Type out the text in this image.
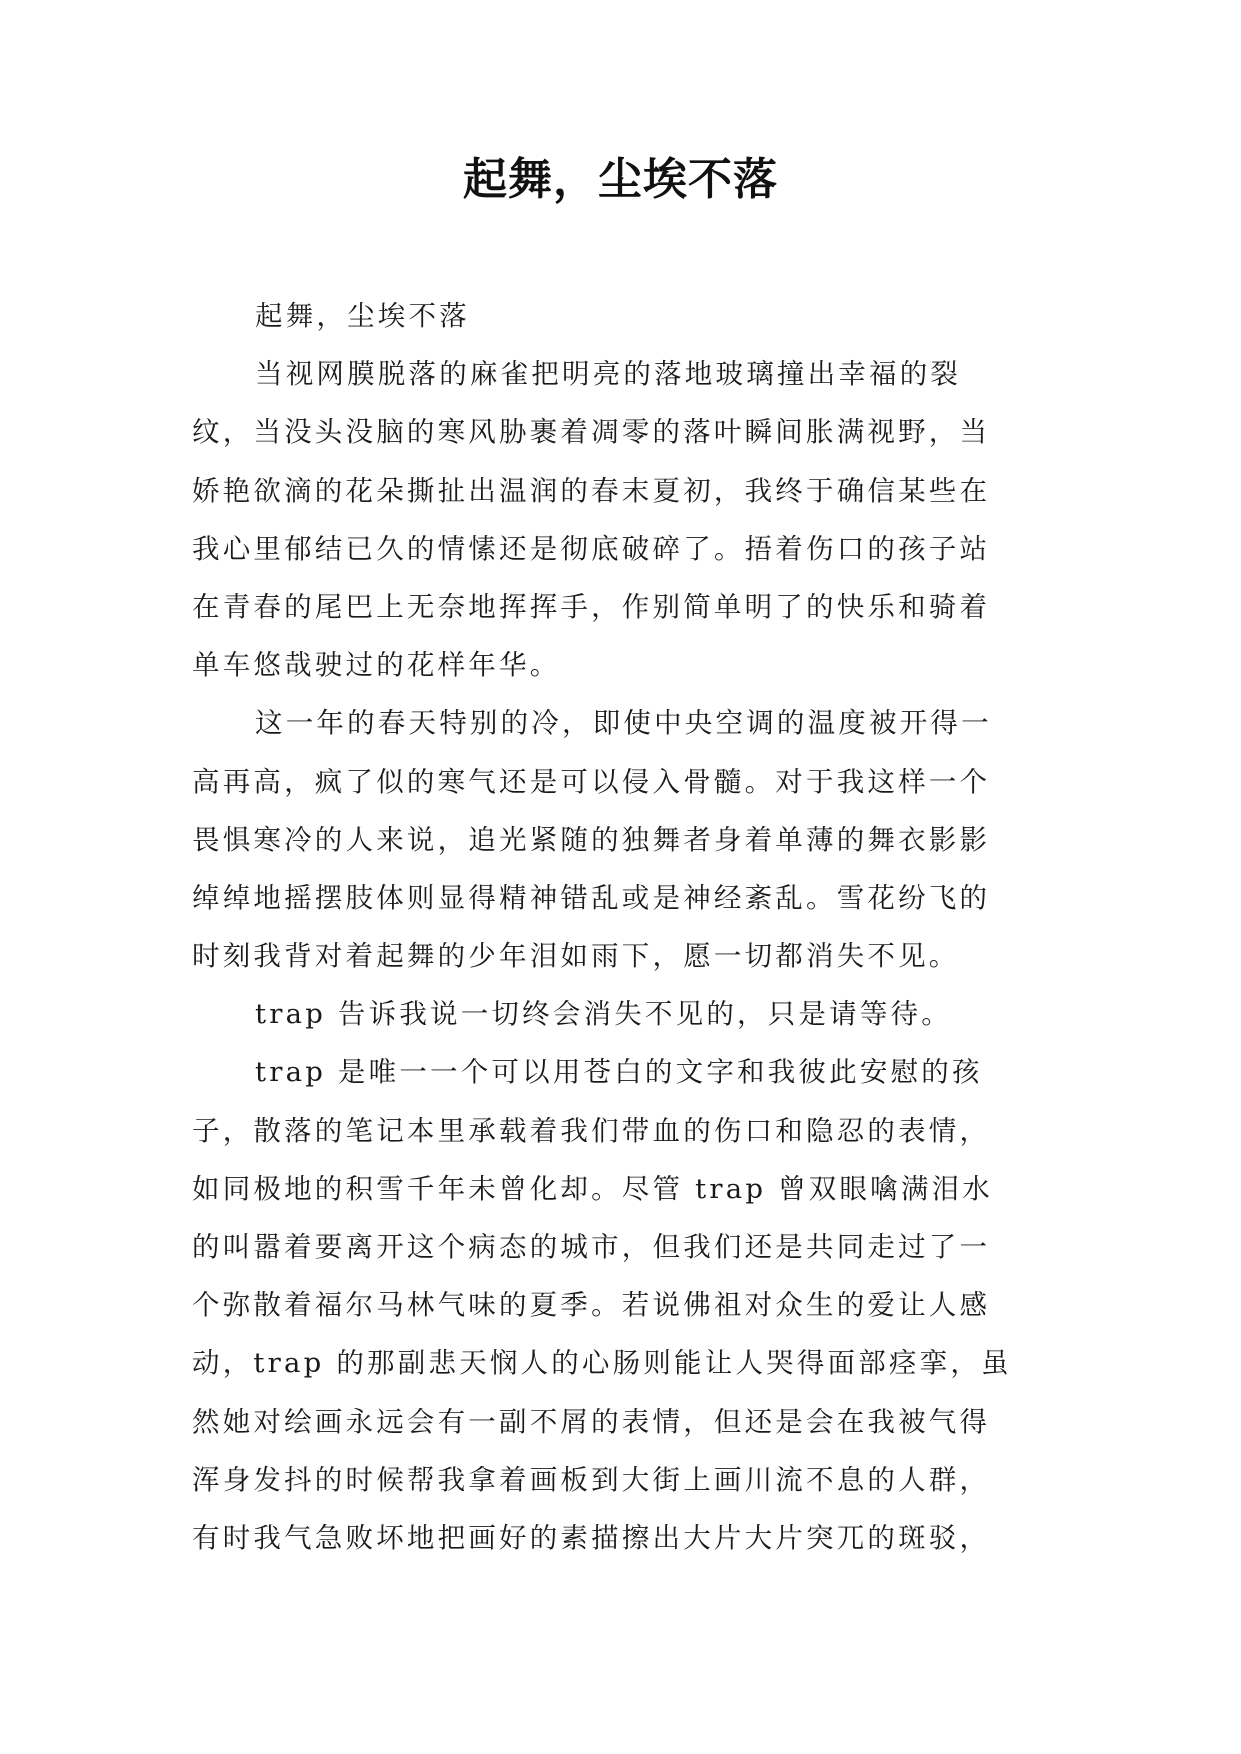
起舞，尘埃不落
起舞，尘埃不落
当视网膜脱落的麻雀把明亮的落地玻璃撞出幸福的裂
纹，当没头没脑的寒风胁裹着凋零的落叶瞬间胀满视野，当
娇艳欲滴的花朵撕扯出温润的春末夏初，我终于确信某些在
我心里郁结已久的情愫还是彻底破碎了。捂着伤口的孩子站
在青春的尾巴上无奈地挥挥手，作别简单明了的快乐和骑着
单车悠哉驶过的花样年华。
这一年的春天特别的冷，即使中央空调的温度被开得一
高再高，疯了似的寒气还是可以侵入骨髓。对于我这样一个
畏惧寒冷的人来说，追光紧随的独舞者身着单薄的舞衣影影
绰绰地摇摆肢体则显得精神错乱或是神经紊乱。雪花纷飞的
时刻我背对着起舞的少年泪如雨下，愿一切都消失不见。
trap 告诉我说一切终会消失不见的，只是请等待。
trap 是唯一一个可以用苍白的文字和我彼此安慰的孩
子，散落的笔记本里承载着我们带血的伤口和隐忍的表情，
如同极地的积雪千年未曾化却。尽管 trap 曾双眼噙满泪水
的叫嚣着要离开这个病态的城市，但我们还是共同走过了一
个弥散着福尔马林气味的夏季。若说佛祖对众生的爱让人感
动，trap 的那副悲天悯人的心肠则能让人哭得面部痉挛，虽
然她对绘画永远会有一副不屑的表情，但还是会在我被气得
浑身发抖的时候帮我拿着画板到大街上画川流不息的人群，
有时我气急败坏地把画好的素描擦出大片大片突兀的斑驳，
